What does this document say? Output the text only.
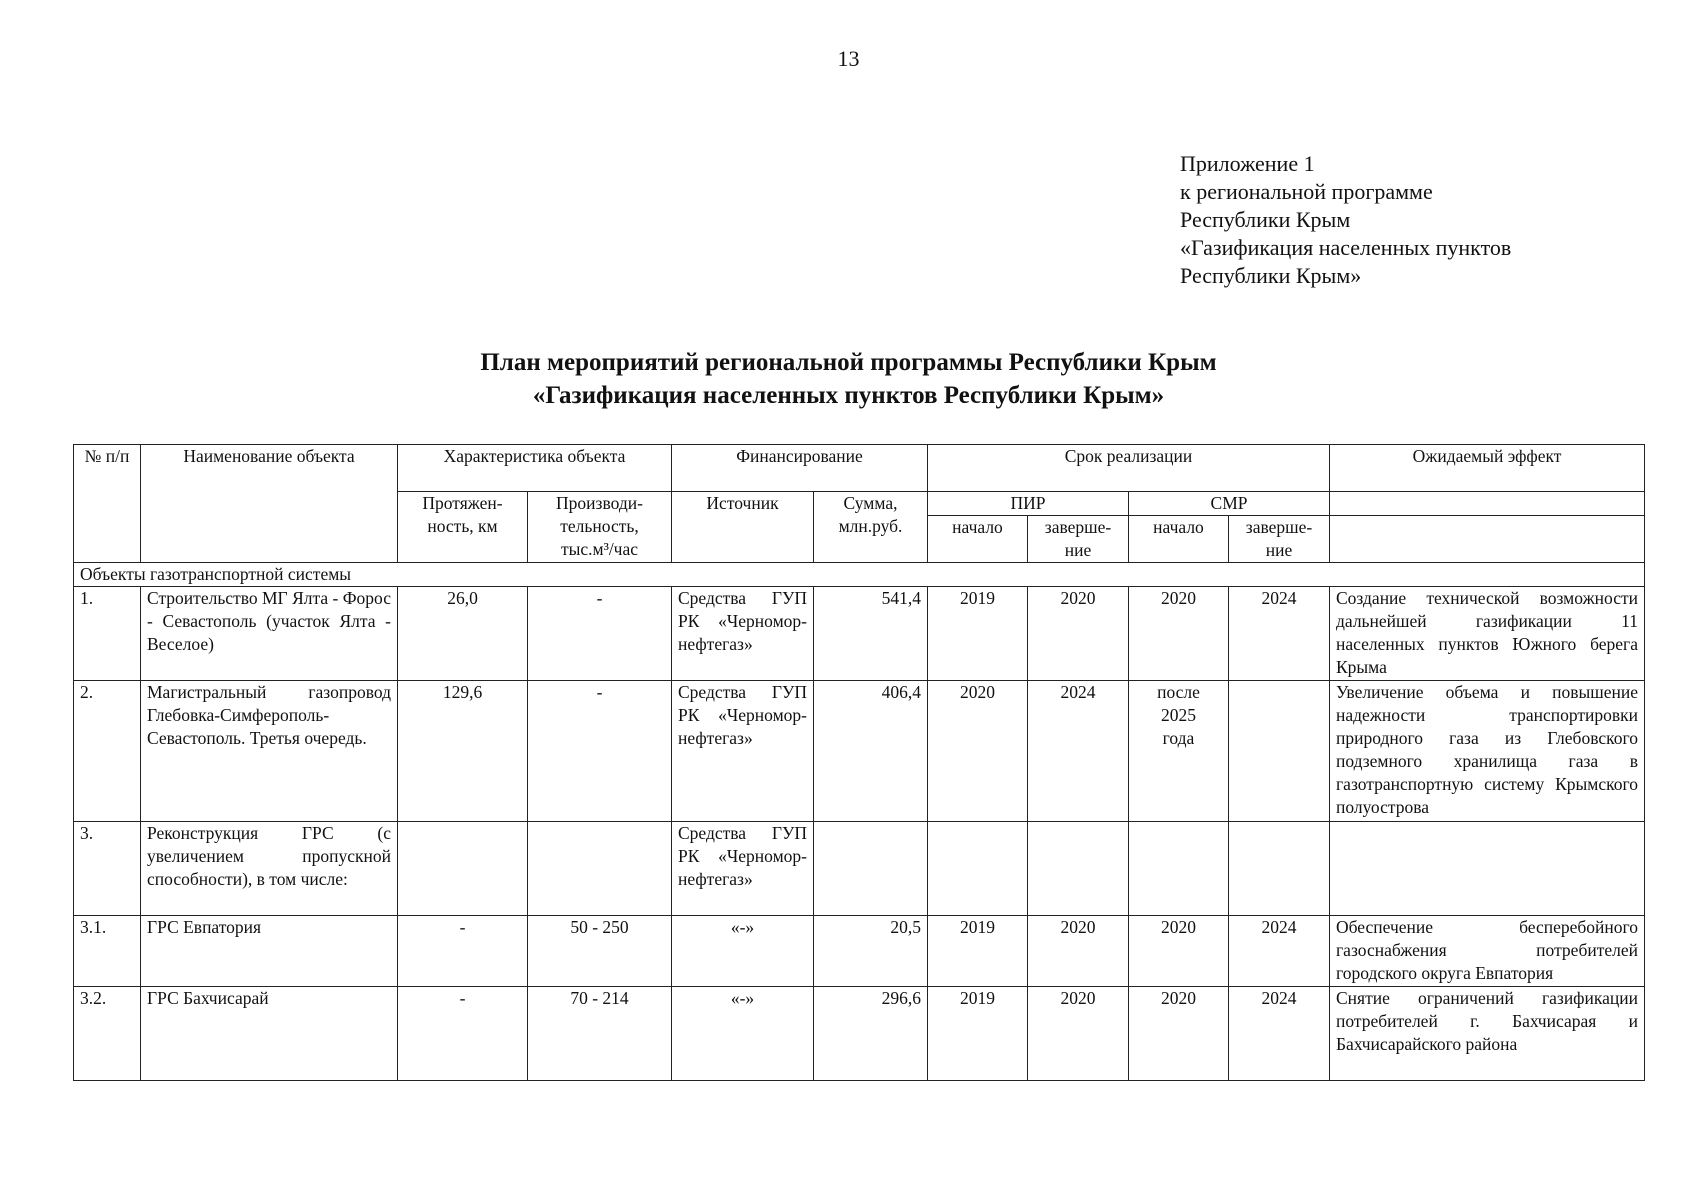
13
Приложение 1
к региональной программе
Республики Крым
«Газификация населенных пунктов
Республики Крым»
План мероприятий региональной программы Республики Крым
«Газификация населенных пунктов Республики Крым»
№ п/п	Наименование объекта	Характеристика объекта		Финансирование		Срок реализации				Ожидаемый эффект
		Протяжен-ность, км	Производи-тельность, тыс.м³/час	Источник	Сумма, млн.руб.	ПИР		СМР		
						начало	заверше-ние	начало	заверше-ние	
Объекты газотранспортной системы										
1.	Строительство МГ Ялта - Форос - Севастополь (участок Ялта - Веселое)	26,0	-	Средства ГУП РК «Черномор-нефтегаз»	541,4	2019	2020	2020	2024	Создание технической возможности дальнейшей газификации 11 населенных пунктов Южного берега Крыма
2.	Магистральный газопровод Глебовка-Симферополь-Севастополь. Третья очередь.	129,6	-	Средства ГУП РК «Черномор-нефтегаз»	406,4	2020	2024	после 2025 года		Увеличение объема и повышение надежности транспортировки природного газа из Глебовского подземного хранилища газа в газотранспортную систему Крымского полуострова
3.	Реконструкция ГРС (с увеличением пропускной способности), в том числе:			Средства ГУП РК «Черномор-нефтегаз»						
3.1.	ГРС Евпатория	-	50 - 250	«-»	20,5	2019	2020	2020	2024	Обеспечение бесперебойного газоснабжения потребителей городского округа Евпатория
3.2.	ГРС Бахчисарай	-	70 - 214	«-»	296,6	2019	2020	2020	2024	Снятие ограничений газификации потребителей г. Бахчисарая и Бахчисарайского района
